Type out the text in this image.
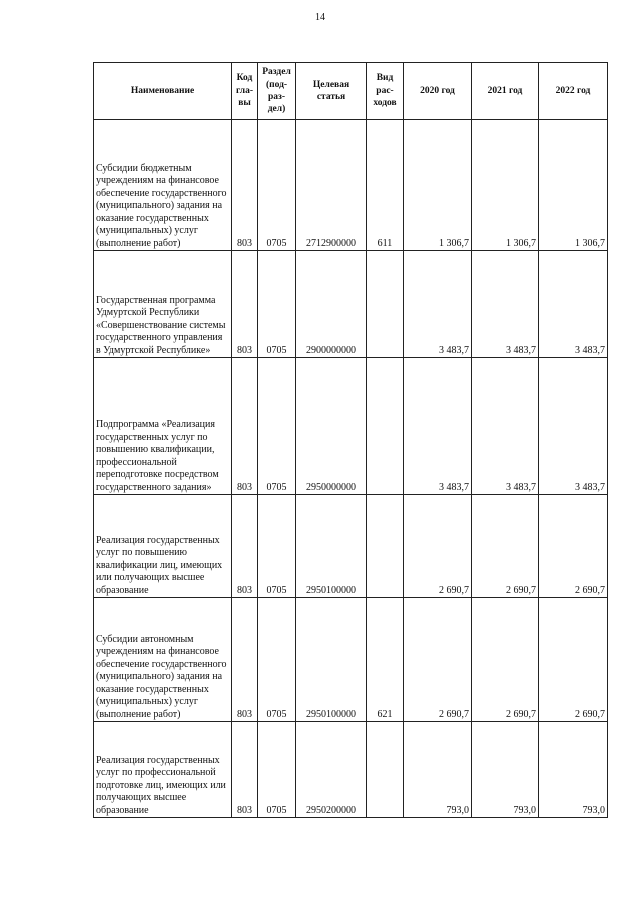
14
Наименование	Код гла-вы	Раздел (под-раз-дел)	Целевая статья	Вид рас-ходов	2020 год	2021 год	2022 год
Субсидии бюджетным учреждениям на финансовое обеспечение государственного (муниципального) задания на оказание государственных (муниципальных) услуг (выполнение работ)	803	0705	2712900000	611	1 306,7	1 306,7	1 306,7
Государственная программа Удмуртской Республики «Совершенствование системы государственного управления в Удмуртской Республике»	803	0705	2900000000		3 483,7	3 483,7	3 483,7
Подпрограмма «Реализация государственных услуг по повышению квалификации, профессиональной переподготовке посредством государственного задания»	803	0705	2950000000		3 483,7	3 483,7	3 483,7
Реализация государственных услуг по повышению квалификации лиц, имеющих или получающих высшее образование	803	0705	2950100000		2 690,7	2 690,7	2 690,7
Субсидии автономным учреждениям на финансовое обеспечение государственного (муниципального) задания на оказание государственных (муниципальных) услуг (выполнение работ)	803	0705	2950100000	621	2 690,7	2 690,7	2 690,7
Реализация государственных услуг по профессиональной подготовке лиц, имеющих или получающих высшее образование	803	0705	2950200000		793,0	793,0	793,0
